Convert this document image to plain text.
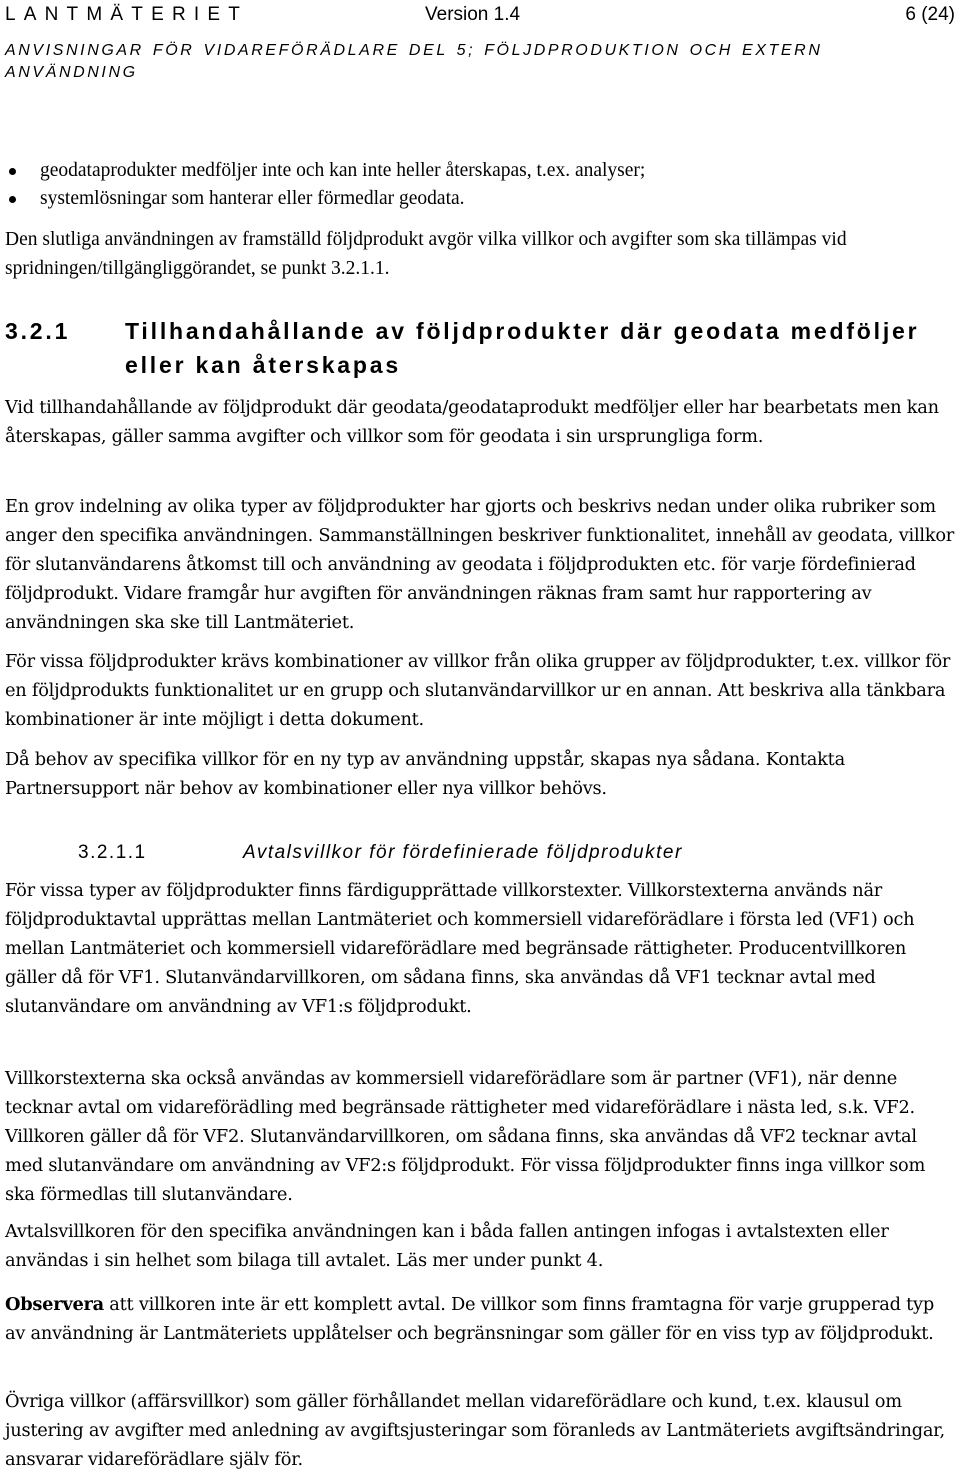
LANTMÄTERIET	Version 1.4	6 (24)
ANVISNINGAR FÖR VIDAREFÖRÄDLARE DEL 5; FÖLJDPRODUKTION OCH EXTERN ANVÄNDNING
geodataprodukter medföljer inte och kan inte heller återskapas, t.ex. analyser;
systemlösningar som hanterar eller förmedlar geodata.

Den slutliga användningen av framställd följdprodukt avgör vilka villkor och avgifter som ska tillämpas vid spridningen/tillgängliggörandet, se punkt 3.2.1.1.

3.2.1 Tillhandahållande av följdprodukter där geodata medföljer eller kan återskapas

Vid tillhandahållande av följdprodukt där geodata/geodataprodukt medföljer eller har bearbetats men kan återskapas, gäller samma avgifter och villkor som för geodata i sin ursprungliga form.

En grov indelning av olika typer av följdprodukter har gjorts och beskrivs nedan under olika rubriker som anger den specifika användningen. Sammanställningen beskriver funktionalitet, innehåll av geodata, villkor för slutanvändarens åtkomst till och användning av geodata i följdprodukten etc. för varje fördefinierad följdprodukt. Vidare framgår hur avgiften för användningen räknas fram samt hur rapportering av användningen ska ske till Lantmäteriet.

För vissa följdprodukter krävs kombinationer av villkor från olika grupper av följdprodukter, t.ex. villkor för en följdprodukts funktionalitet ur en grupp och slutanvändarvillkor ur en annan. Att beskriva alla tänkbara kombinationer är inte möjligt i detta dokument.

Då behov av specifika villkor för en ny typ av användning uppstår, skapas nya sådana. Kontakta Partnersupport när behov av kombinationer eller nya villkor behövs.

3.2.1.1	Avtalsvillkor för fördefinierade följdprodukter

För vissa typer av följdprodukter finns färdigupprättade villkorstexter. Villkorstexterna används när följdproduktavtal upprättas mellan Lantmäteriet och kommersiell vidareförädlare i första led (VF1) och mellan Lantmäteriet och kommersiell vidareförädlare med begränsade rättigheter. Producentvillkoren gäller då för VF1. Slutanvändarvillkoren, om sådana finns, ska användas då VF1 tecknar avtal med slutanvändare om användning av VF1:s följdprodukt.

Villkorstexterna ska också användas av kommersiell vidareförädlare som är partner (VF1), när denne tecknar avtal om vidareförädling med begränsade rättigheter med vidareförädlare i nästa led, s.k. VF2. Villkoren gäller då för VF2. Slutanvändarvillkoren, om sådana finns, ska användas då VF2 tecknar avtal med slutanvändare om användning av VF2:s följdprodukt. För vissa följdprodukter finns inga villkor som ska förmedlas till slutanvändare.

Avtalsvillkoren för den specifika användningen kan i båda fallen antingen infogas i avtalstexten eller användas i sin helhet som bilaga till avtalet. Läs mer under punkt 4.

Observera att villkoren inte är ett komplett avtal. De villkor som finns framtagna för varje grupperad typ av användning är Lantmäteriets upplåtelser och begränsningar som gäller för en viss typ av följdprodukt.

Övriga villkor (affärsvillkor) som gäller förhållandet mellan vidareförädlare och kund, t.ex. klausul om justering av avgifter med anledning av avgiftsjusteringar som föranleds av Lantmäteriets avgiftsändringar, ansvarar vidareförädlare själv för.
